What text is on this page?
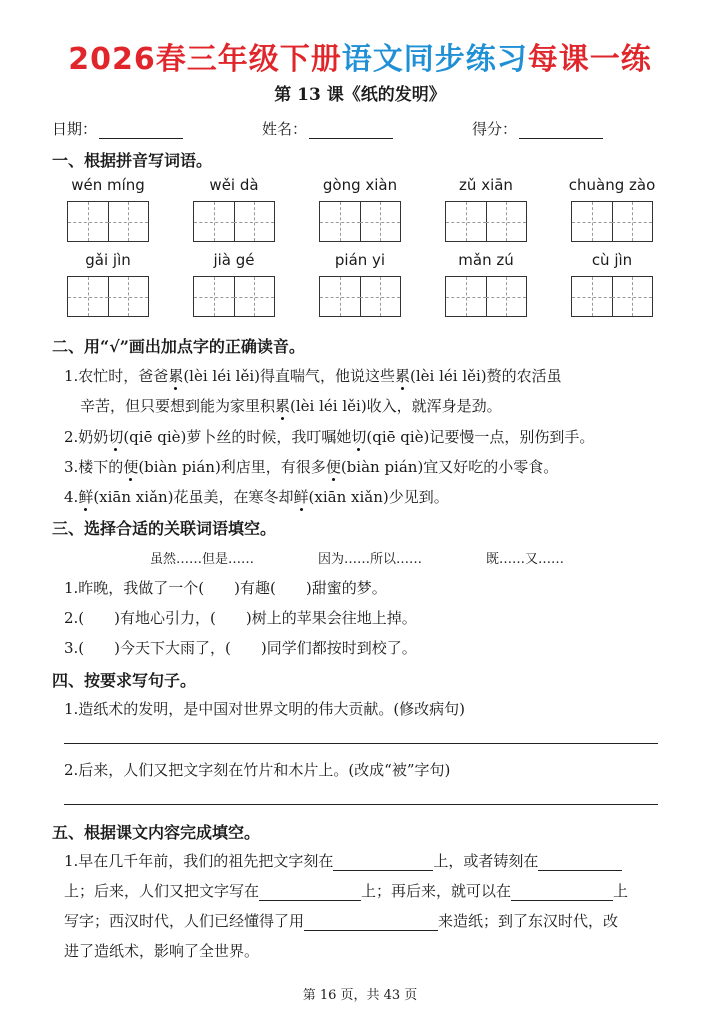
2026春三年级下册语文同步练习每课一练
第 13 课《纸的发明》
日期：	姓名：	得分：
一、根据拼音写词语。
wén míng	wěi dà	gòng xiàn	zǔ xiān	chuàng zào
gǎi jìn	jià gé	pián yi	mǎn zú	cù jìn
二、用“√”画出加点字的正确读音。
1.农忙时，爸爸累(lèi léi lěi)得直喘气，他说这些累(lèi léi lěi)赘的农活虽
辛苦，但只要想到能为家里积累(lèi léi lěi)收入，就浑身是劲。
2.奶奶切(qiē qiè)萝卜丝的时候，我叮嘱她切(qiē qiè)记要慢一点，别伤到手。
3.楼下的便(biàn pián)利店里，有很多便(biàn pián)宜又好吃的小零食。
4.鲜(xiān xiǎn)花虽美，在寒冬却鲜(xiān xiǎn)少见到。
三、选择合适的关联词语填空。
虽然……但是……	因为……所以……	既……又……
1.昨晚，我做了一个(　　)有趣(　　)甜蜜的梦。
2.(　　)有地心引力，(　　)树上的苹果会往地上掉。
3.(　　)今天下大雨了，(　　)同学们都按时到校了。
四、按要求写句子。
1.造纸术的发明，是中国对世界文明的伟大贡献。(修改病句)
2.后来，人们又把文字刻在竹片和木片上。(改成“被”字句)
五、根据课文内容完成填空。
1.早在几千年前，我们的祖先把文字刻在	上，或者铸刻在
上；后来，人们又把文字写在	上；再后来，就可以在	上
写字；西汉时代，人们已经懂得了用	来造纸；到了东汉时代，改
进了造纸术，影响了全世界。
第 16 页，共 43 页
